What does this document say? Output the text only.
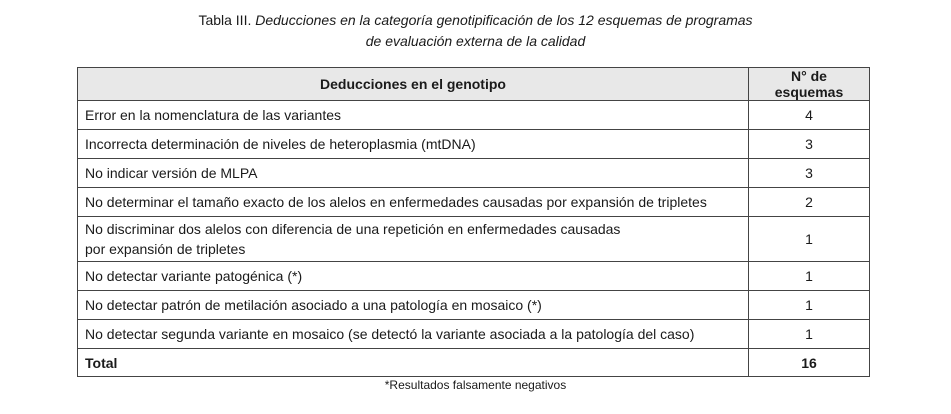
Tabla III. Deducciones en la categoría genotipificación de los 12 esquemas de programas
de evaluación externa de la calidad
Deducciones en el genotipo	N° de esquemas
Error en la nomenclatura de las variantes	4
Incorrecta determinación de niveles de heteroplasmia (mtDNA)	3
No indicar versión de MLPA	3
No determinar el tamaño exacto de los alelos en enfermedades causadas por expansión de tripletes	2

No discriminar dos alelos con diferencia de una repetición en enfermedades causadas
por expansión de tripletes	1
No detectar variante patogénica (*)	1
No detectar patrón de metilación asociado a una patología en mosaico (*)	1
No detectar segunda variante en mosaico (se detectó la variante asociada a la patología del caso)	1
Total	16
*Resultados falsamente negativos
